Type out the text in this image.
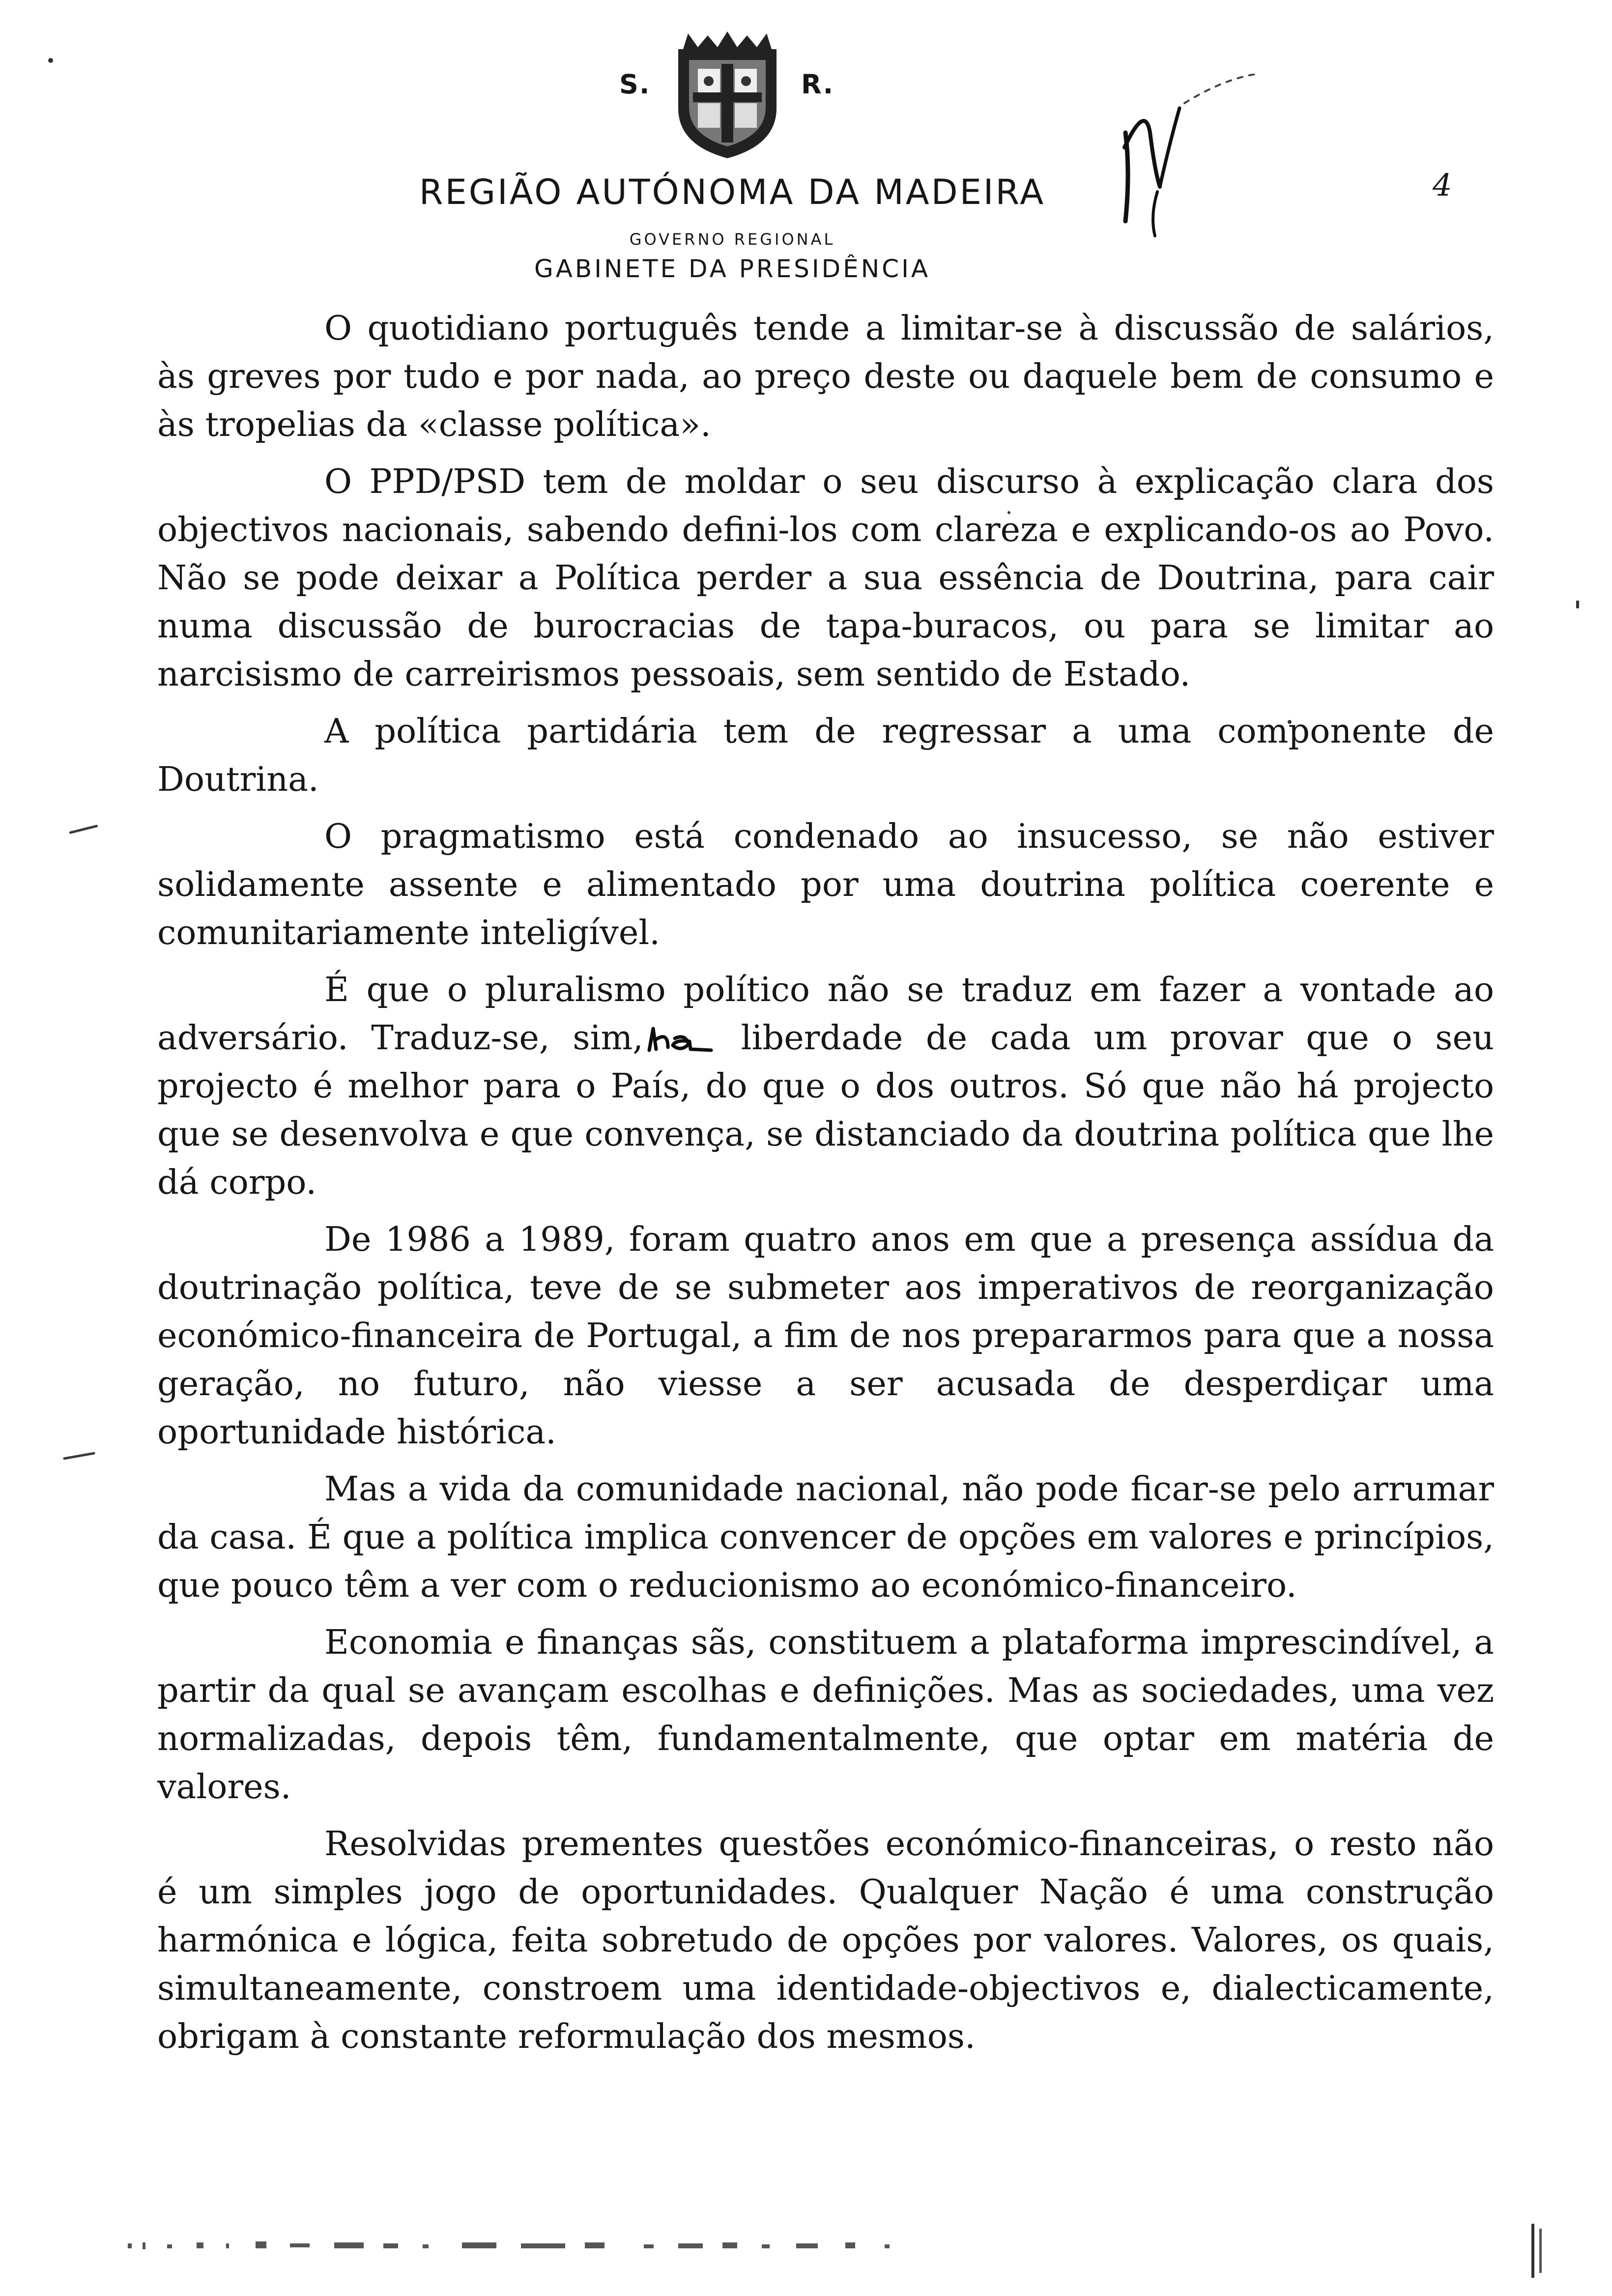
S.	R.
REGIÃO AUTÓNOMA DA MADEIRA
GOVERNO REGIONAL
GABINETE DA PRESIDÊNCIA
4

O quotidiano português tende a limitar-se à discussão de salários, às greves por tudo e por nada, ao preço deste ou daquele bem de consumo e às tropelias da «classe política».

O PPD/PSD tem de moldar o seu discurso à explicação clara dos objectivos nacionais, sabendo defini-los com clareza e explicando-os ao Povo. Não se pode deixar a Política perder a sua essência de Doutrina, para cair numa discussão de burocracias de tapa-buracos, ou para se limitar ao narcisismo de carreirismos pessoais, sem sentido de Estado.

A política partidária tem de regressar a uma componente de Doutrina.

O pragmatismo está condenado ao insucesso, se não estiver solidamente assente e alimentado por uma doutrina política coerente e comunitariamente inteligível.

É que o pluralismo político não se traduz em fazer a vontade ao adversário. Traduz-se, sim, liberdade de cada um provar que o seu projecto é melhor para o País, do que o dos outros. Só que não há projecto que se desenvolva e que convença, se distanciado da doutrina política que lhe dá corpo.

De 1986 a 1989, foram quatro anos em que a presença assídua da doutrinação política, teve de se submeter aos imperativos de reorganização económico-financeira de Portugal, a fim de nos prepararmos para que a nossa geração, no futuro, não viesse a ser acusada de desperdiçar uma oportunidade histórica.

Mas a vida da comunidade nacional, não pode ficar-se pelo arrumar da casa. É que a política implica convencer de opções em valores e princípios, que pouco têm a ver com o reducionismo ao económico-financeiro.

Economia e finanças sãs, constituem a plataforma imprescindível, a partir da qual se avançam escolhas e definições. Mas as sociedades, uma vez normalizadas, depois têm, fundamentalmente, que optar em matéria de valores.

Resolvidas prementes questões económico-financeiras, o resto não é um simples jogo de oportunidades. Qualquer Nação é uma construção harmónica e lógica, feita sobretudo de opções por valores. Valores, os quais, simultaneamente, constroem uma identidade-objectivos e, dialecticamente, obrigam à constante reformulação dos mesmos.
